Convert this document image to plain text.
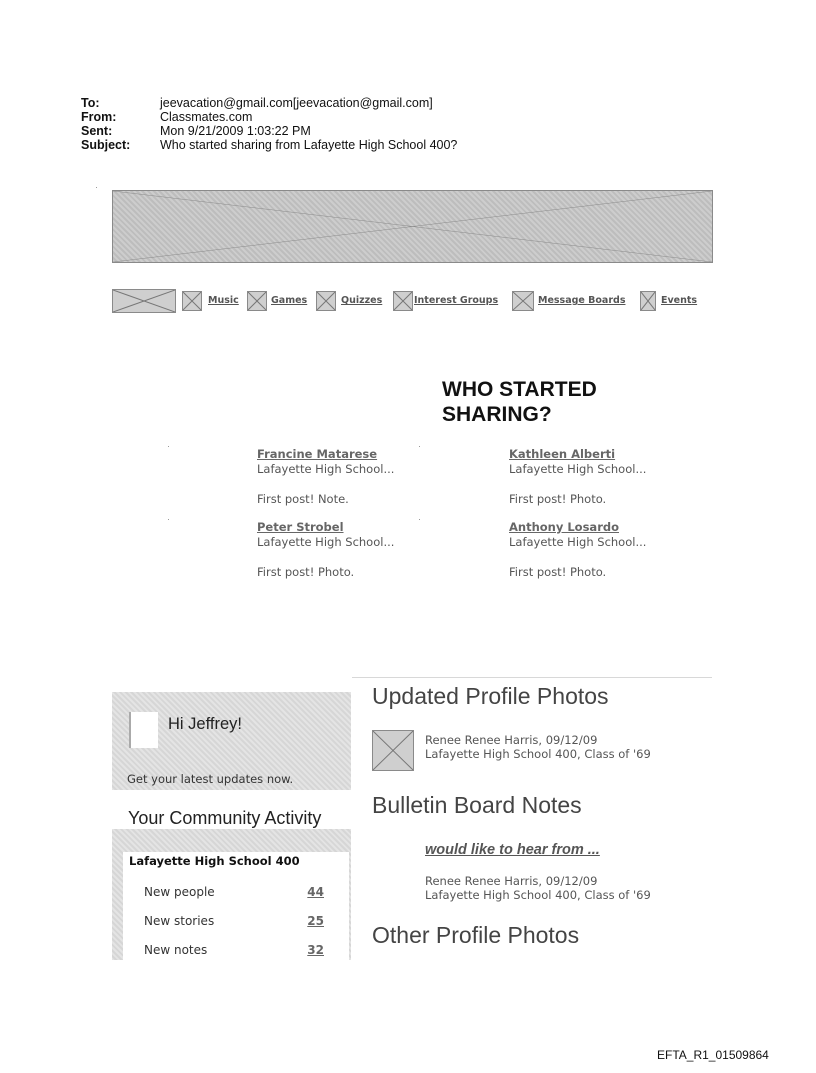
To:	jeevacation@gmail.com[jeevacation@gmail.com]
From:	Classmates.com
Sent:	Mon 9/21/2009 1:03:22 PM
Subject:	Who started sharing from Lafayette High School 400?
Music	Games	Quizzes	Interest Groups	Message Boards	Events
WHO STARTED SHARING?
Francine Matarese
Lafayette High School...
First post! Note.
Kathleen Alberti
Lafayette High School...
First post! Photo.
Peter Strobel
Lafayette High School...
First post! Photo.
Anthony Losardo
Lafayette High School...
First post! Photo.
Hi Jeffrey!
Get your latest updates now.
Your Community Activity
Lafayette High School 400
New people	44
New stories	25
New notes	32
Updated Profile Photos
Renee Renee Harris, 09/12/09
Lafayette High School 400, Class of '69
Bulletin Board Notes
would like to hear from ...
Renee Renee Harris, 09/12/09
Lafayette High School 400, Class of '69
Other Profile Photos
EFTA_R1_01509864
